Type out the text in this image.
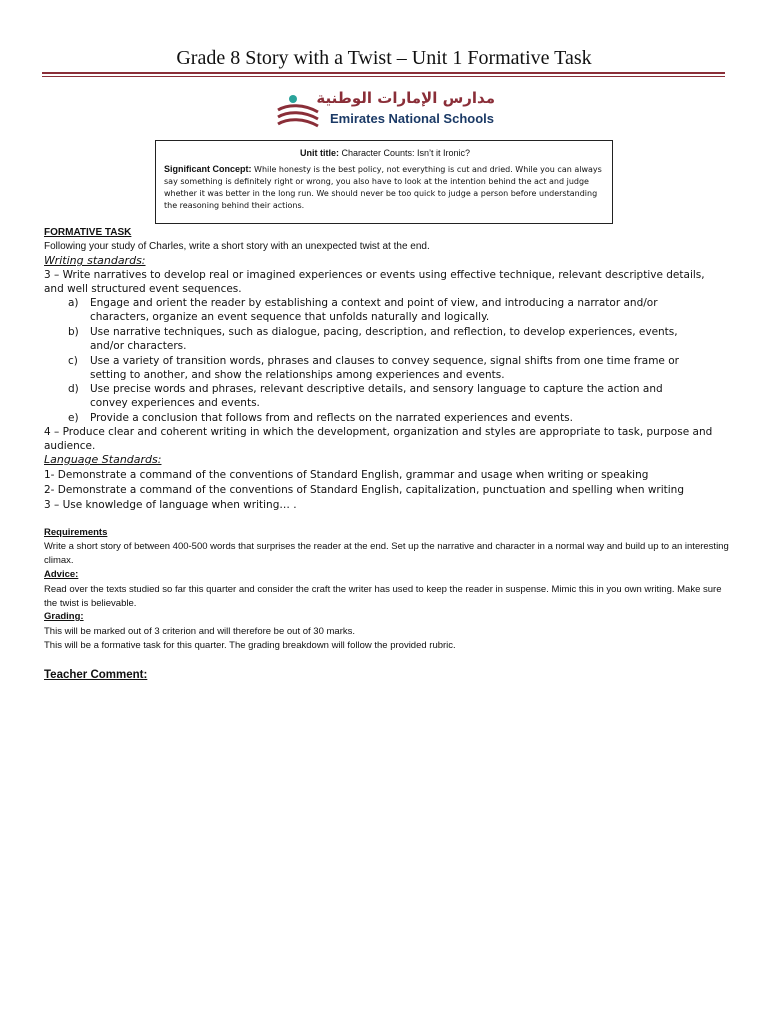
Grade 8 Story with a Twist – Unit 1 Formative Task
مدارس الإمارات الوطنية
Emirates National Schools
Unit title: Character Counts: Isn’t it Ironic?
Significant Concept: While honesty is the best policy, not everything is cut and dried. While you can always say something is definitely right or wrong, you also have to look at the intention behind the act and judge whether it was better in the long run. We should never be too quick to judge a person before understanding the reasoning behind their actions.
FORMATIVE TASK
Following your study of Charles, write a short story with an unexpected twist at the end.
Writing standards:
3 – Write narratives to develop real or imagined experiences or events using effective technique, relevant descriptive details, and well structured event sequences.
a) Engage and orient the reader by establishing a context and point of view, and introducing a narrator and/or
characters, organize an event sequence that unfolds naturally and logically.
b) Use narrative techniques, such as dialogue, pacing, description, and reflection, to develop experiences, events,
and/or characters.
c) Use a variety of transition words, phrases and clauses to convey sequence, signal shifts from one time frame or
setting to another, and show the relationships among experiences and events.
d) Use precise words and phrases, relevant descriptive details, and sensory language to capture the action and
convey experiences and events.
e) Provide a conclusion that follows from and reflects on the narrated experiences and events.
4 – Produce clear and coherent writing in which the development, organization and styles are appropriate to task, purpose and audience.
Language Standards:
1- Demonstrate a command of the conventions of Standard English, grammar and usage when writing or speaking
2- Demonstrate a command of the conventions of Standard English, capitalization, punctuation and spelling when writing
3 – Use knowledge of language when writing… .
Requirements
Write a short story of between 400-500 words that surprises the reader at the end. Set up the narrative and character in a normal way and build up to an interesting climax.
Advice:
Read over the texts studied so far this quarter and consider the craft the writer has used to keep the reader in suspense. Mimic this in you own writing. Make sure the twist is believable.
Grading:
This will be marked out of 3 criterion and will therefore be out of 30 marks.
This will be a formative task for this quarter. The grading breakdown will follow the provided rubric.
Teacher Comment:
